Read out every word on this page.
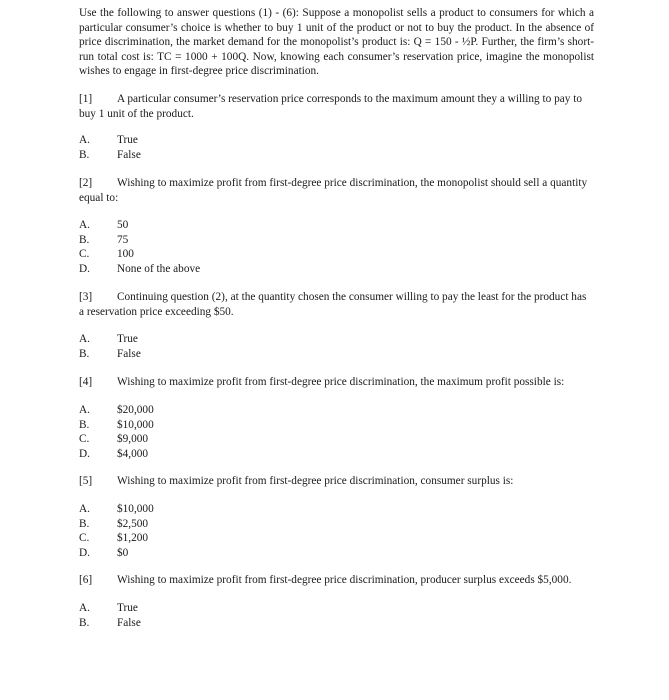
Use the following to answer questions (1) - (6): Suppose a monopolist sells a product to consumers for which a particular consumer’s choice is whether to buy 1 unit of the product or not to buy the product. In the absence of price discrimination, the market demand for the monopolist’s product is: Q = 150 - ½P. Further, the firm’s short-run total cost is: TC = 1000 + 100Q. Now, knowing each consumer’s reservation price, imagine the monopolist wishes to engage in first-degree price discrimination.
[1] A particular consumer’s reservation price corresponds to the maximum amount they a willing to pay to buy 1 unit of the product.
A. True
B. False
[2] Wishing to maximize profit from first-degree price discrimination, the monopolist should sell a quantity equal to:
A. 50
B. 75
C. 100
D. None of the above
[3] Continuing question (2), at the quantity chosen the consumer willing to pay the least for the product has a reservation price exceeding $50.
A. True
B. False
[4] Wishing to maximize profit from first-degree price discrimination, the maximum profit possible is:
A. $20,000
B. $10,000
C. $9,000
D. $4,000
[5] Wishing to maximize profit from first-degree price discrimination, consumer surplus is:
A. $10,000
B. $2,500
C. $1,200
D. $0
[6] Wishing to maximize profit from first-degree price discrimination, producer surplus exceeds $5,000.
A. True
B. False
